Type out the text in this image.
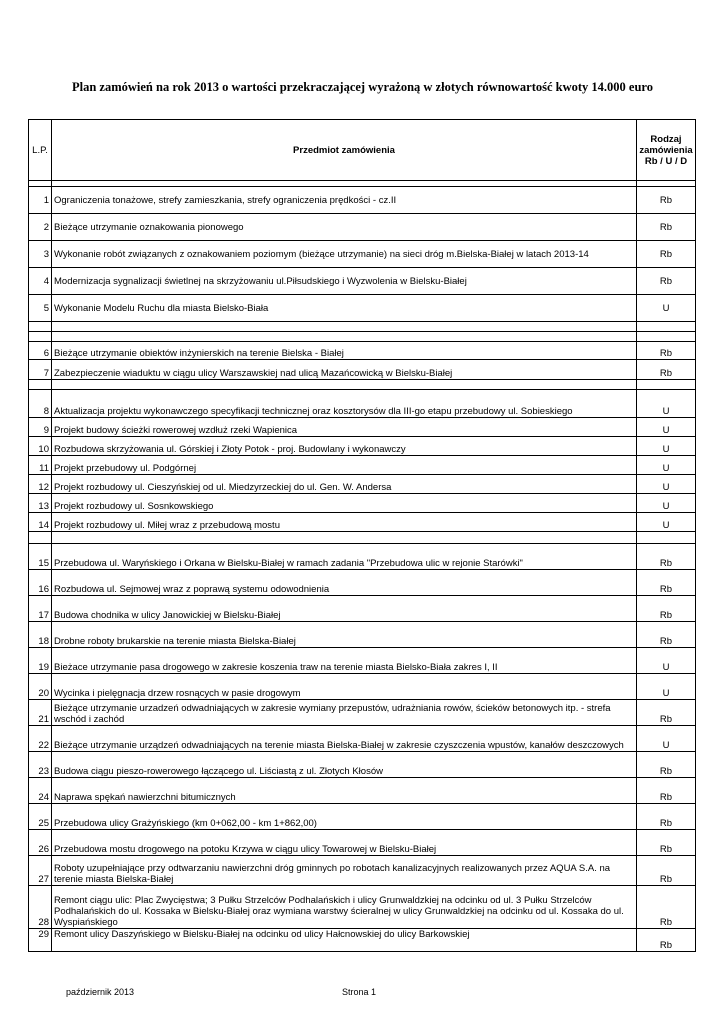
Plan zamówień na rok 2013 o wartości przekraczającej wyrażoną w złotych równowartość kwoty 14.000 euro
L.P.	Przedmiot zamówienia	Rodzaj zamówienia Rb / U / D

1	Ograniczenia tonażowe, strefy zamieszkania, strefy ograniczenia prędkości - cz.II	Rb
2	Bieżące utrzymanie oznakowania pionowego	Rb
3	Wykonanie robót związanych z oznakowaniem poziomym (bieżące utrzymanie) na sieci dróg m.Bielska-Białej w latach 2013-14	Rb
4	Modernizacja sygnalizacji świetlnej na skrzyżowaniu ul.Piłsudskiego i Wyzwolenia w Bielsku-Białej	Rb
5	Wykonanie Modelu Ruchu dla miasta Bielsko-Biała	U

6	Bieżące utrzymanie obiektów inżynierskich na terenie Bielska - Białej	Rb
7	Zabezpieczenie wiaduktu w ciągu ulicy Warszawskiej nad ulicą Mazańcowicką w Bielsku-Białej	Rb

8	Aktualizacja projektu wykonawczego specyfikacji technicznej oraz kosztorysów dla III-go etapu przebudowy ul. Sobieskiego	U
9	Projekt budowy ścieżki rowerowej wzdłuż rzeki Wapienica	U
10	Rozbudowa skrzyżowania ul. Górskiej i Złoty Potok - proj. Budowlany i wykonawczy	U
11	Projekt przebudowy ul. Podgórnej	U
12	Projekt rozbudowy ul. Cieszyńskiej od ul. Miedzyrzeckiej do ul. Gen. W. Andersa	U
13	Projekt rozbudowy ul. Sosnkowskiego	U
14	Projekt rozbudowy ul. Miłej wraz z przebudową mostu	U

15	Przebudowa ul. Waryńskiego i Orkana w Bielsku-Białej w ramach zadania "Przebudowa ulic w rejonie Starówki"	Rb
16	Rozbudowa ul. Sejmowej wraz z poprawą systemu odowodnienia	Rb
17	Budowa chodnika w ulicy Janowickiej w Bielsku-Białej	Rb
18	Drobne roboty brukarskie na terenie miasta Bielska-Białej	Rb
19	Bieżace utrzymanie pasa drogowego w zakresie koszenia traw na terenie miasta Bielsko-Biała zakres I, II	U
20	Wycinka i pielęgnacja drzew rosnących w pasie drogowym	U
21	Bieżące utrzymanie urzadzeń odwadniających w zakresie wymiany przepustów, udrażniania rowów, ścieków betonowych itp. - strefa wschód i zachód	Rb
22	Bieżące utrzymanie urządzeń odwadniających na terenie miasta Bielska-Białej w zakresie czyszczenia wpustów, kanałów deszczowych	U
23	Budowa ciągu pieszo-rowerowego łączącego ul. Liściastą z ul. Złotych Kłosów	Rb
24	Naprawa spękań nawierzchni bitumicznych	Rb
25	Przebudowa ulicy Grażyńskiego (km 0+062,00 - km 1+862,00)	Rb
26	Przebudowa mostu drogowego na potoku Krzywa w ciągu ulicy Towarowej w Bielsku-Białej	Rb
27	Roboty uzupełniające przy odtwarzaniu nawierzchni dróg gminnych po robotach kanalizacyjnych realizowanych przez AQUA S.A. na terenie miasta Bielska-Białej	Rb
28	Remont ciągu ulic: Plac Zwycięstwa; 3 Pułku Strzelców Podhalańskich i ulicy Grunwaldzkiej na odcinku od ul. 3 Pułku Strzelców Podhalańskich do ul. Kossaka w Bielsku-Białej oraz wymiana warstwy ścieralnej w ulicy Grunwaldzkiej na odcinku od ul. Kossaka do ul. Wyspiańskiego	Rb
29	Remont ulicy Daszyńskiego w Bielsku-Białej na odcinku od ulicy Hałcnowskiej do ulicy Barkowskiej	Rb
październik 2013	Strona 1
